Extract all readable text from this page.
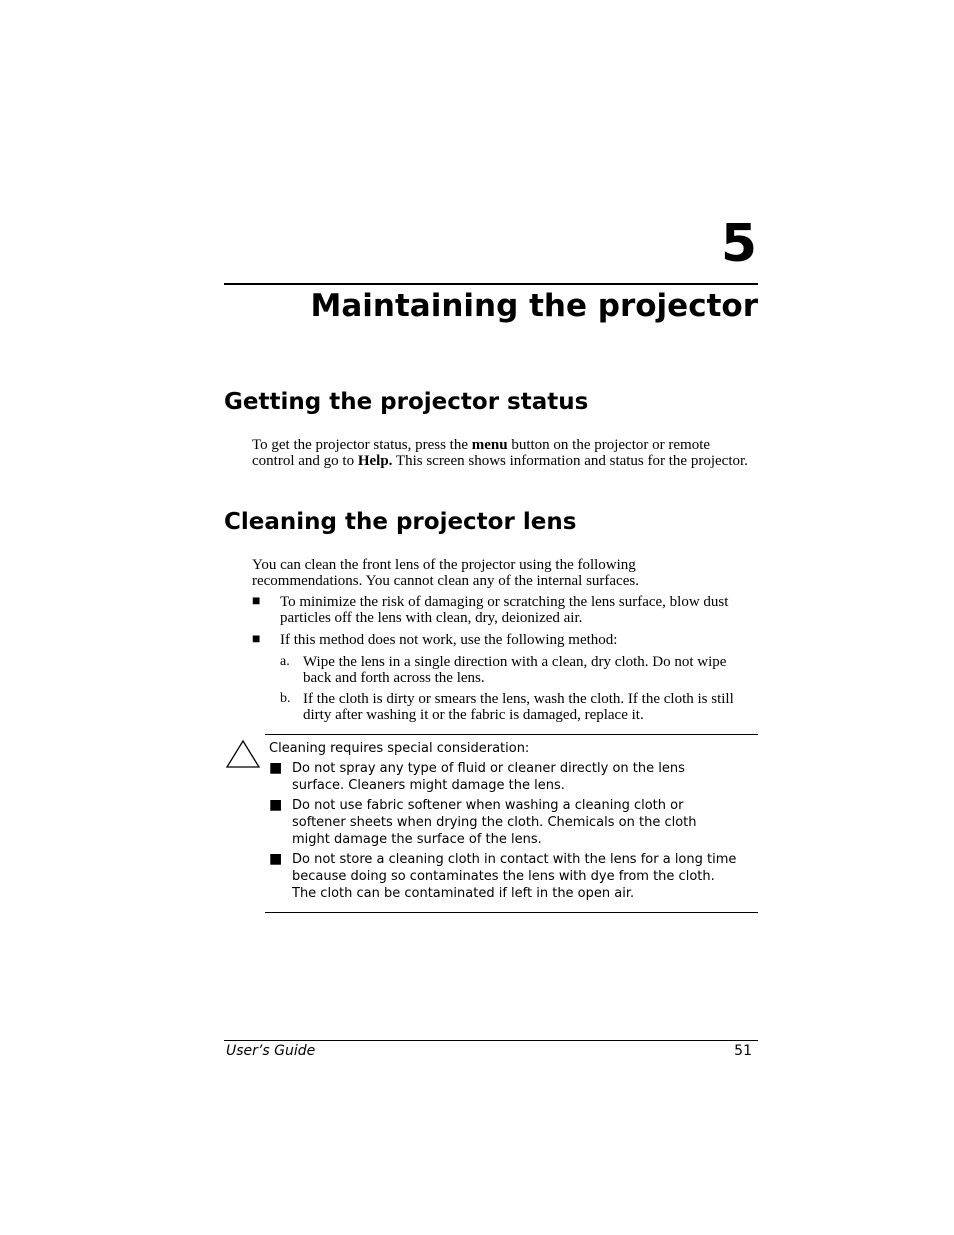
5
Maintaining the projector
Getting the projector status
To get the projector status, press the menu button on the projector or remote control and go to Help. This screen shows information and status for the projector.
Cleaning the projector lens
You can clean the front lens of the projector using the following recommendations. You cannot clean any of the internal surfaces.
■ To minimize the risk of damaging or scratching the lens surface, blow dust particles off the lens with clean, dry, deionized air.
■ If this method does not work, use the following method:
a. Wipe the lens in a single direction with a clean, dry cloth. Do not wipe back and forth across the lens.
b. If the cloth is dirty or smears the lens, wash the cloth. If the cloth is still dirty after washing it or the fabric is damaged, replace it.
Cleaning requires special consideration:
■ Do not spray any type of fluid or cleaner directly on the lens surface. Cleaners might damage the lens.
■ Do not use fabric softener when washing a cleaning cloth or softener sheets when drying the cloth. Chemicals on the cloth might damage the surface of the lens.
■ Do not store a cleaning cloth in contact with the lens for a long time because doing so contaminates the lens with dye from the cloth. The cloth can be contaminated if left in the open air.
User’s Guide	51
